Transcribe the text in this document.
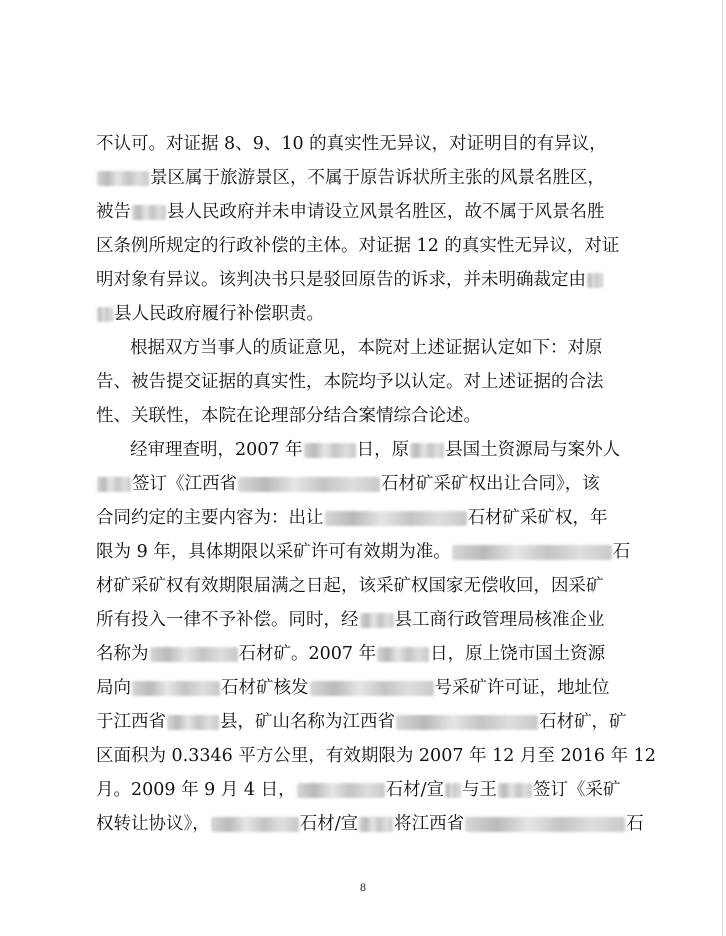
不认可。对证据 8、9、10 的真实性无异议，对证明目的有异议，
景区属于旅游景区，不属于原告诉状所主张的风景名胜区，
被告 县人民政府并未申请设立风景名胜区，故不属于风景名胜
区条例所规定的行政补偿的主体。对证据 12 的真实性无异议，对证
明对象有异议。该判决书只是驳回原告的诉求，并未明确裁定由
县人民政府履行补偿职责。
根据双方当事人的质证意见，本院对上述证据认定如下：对原
告、被告提交证据的真实性，本院均予以认定。对上述证据的合法
性、关联性，本院在论理部分结合案情综合论述。
经审理查明，2007 年	日，原 县国土资源局与案外人
签订《江西省	石材矿采矿权出让合同》，该
合同约定的主要内容为：出让	石材矿采矿权，年
限为 9 年，具体期限以采矿许可有效期为准。	石
材矿采矿权有效期限届满之日起，该采矿权国家无偿收回，因采矿
所有投入一律不予补偿。同时，经 县工商行政管理局核准企业
名称为	石材矿。2007 年	日，原上饶市国土资源
局向	石材矿核发	号采矿许可证，地址位
于江西省	县，矿山名称为江西省	石材矿，矿
区面积为 0.3346 平方公里，有效期限为 2007 年 12 月至 2016 年 12
月。2009 年 9 月 4 日，	石材/宣 与王 签订《采矿
权转让协议》，	石材/宣 将江西省	石
8
